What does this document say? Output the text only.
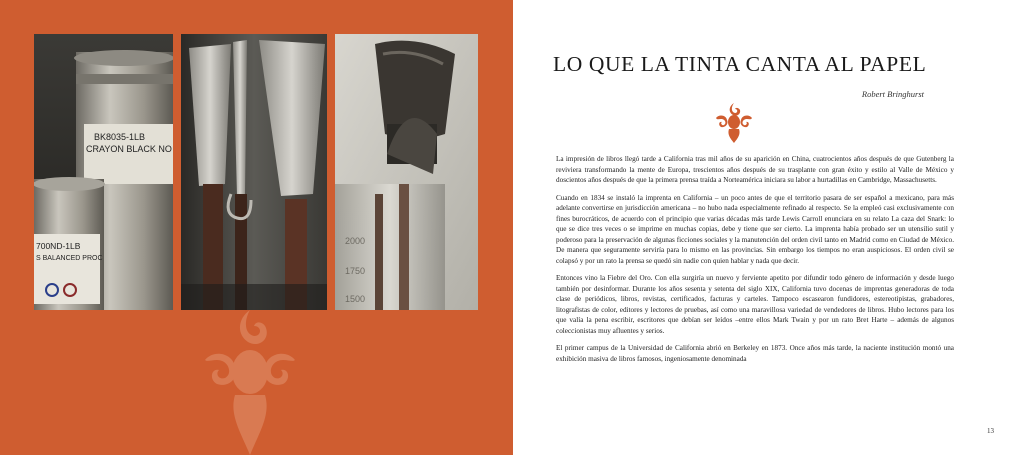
BK8035-1LB
CRAYON BLACK NO
700ND-1LB
S BALANCED PROC
2000
1750
1500
LO QUE LA TINTA CANTA AL PAPEL
Robert Bringhurst

La impresión de libros llegó tarde a California tras mil años de su aparición en China, cuatrocientos años después de que Gutenberg la reviviera transformando la mente de Europa, trescientos años después de su trasplante con gran éxito y estilo al Valle de México y doscientos años después de que la primera prensa traída a Norteamérica iniciara su labor a hurtadillas en Cambridge, Massachusetts.

Cuando en 1834 se instaló la imprenta en California – un poco antes de que el territorio pasara de ser español a mexicano, para más adelante convertirse en jurisdicción americana – no hubo nada especialmente refinado al respecto. Se la empleó casi exclusivamente con fines burocráticos, de acuerdo con el principio que varias décadas más tarde Lewis Carroll enunciara en su relato La caza del Snark: lo que se dice tres veces o se imprime en muchas copias, debe y tiene que ser cierto. La imprenta había probado ser un utensilio sutil y poderoso para la preservación de algunas ficciones sociales y la manutención del orden civil tanto en Madrid como en Ciudad de México. De manera que seguramente serviría para lo mismo en las provincias. Sin embargo los tiempos no eran auspiciosos. El orden civil se colapsó y por un rato la prensa se quedó sin nadie con quien hablar y nada que decir.

Entonces vino la Fiebre del Oro. Con ella surgiría un nuevo y ferviente apetito por difundir todo género de información y desde luego también por desinformar. Durante los años sesenta y setenta del siglo XIX, California tuvo docenas de imprentas generadoras de toda clase de periódicos, libros, revistas, certificados, facturas y carteles. Tampoco escasearon fundidores, estereotipistas, grabadores, litografistas de color, editores y lectores de pruebas, así como una maravillosa variedad de vendedores de libros. Hubo lectores para los que valía la pena escribir, escritores que debían ser leídos –entre ellos Mark Twain y por un rato Bret Harte – además de algunos coleccionistas muy afluentes y serios.

El primer campus de la Universidad de California abrió en Berkeley en 1873. Once años más tarde, la naciente institución montó una exhibición masiva de libros famosos, ingeniosamente denominada

13
